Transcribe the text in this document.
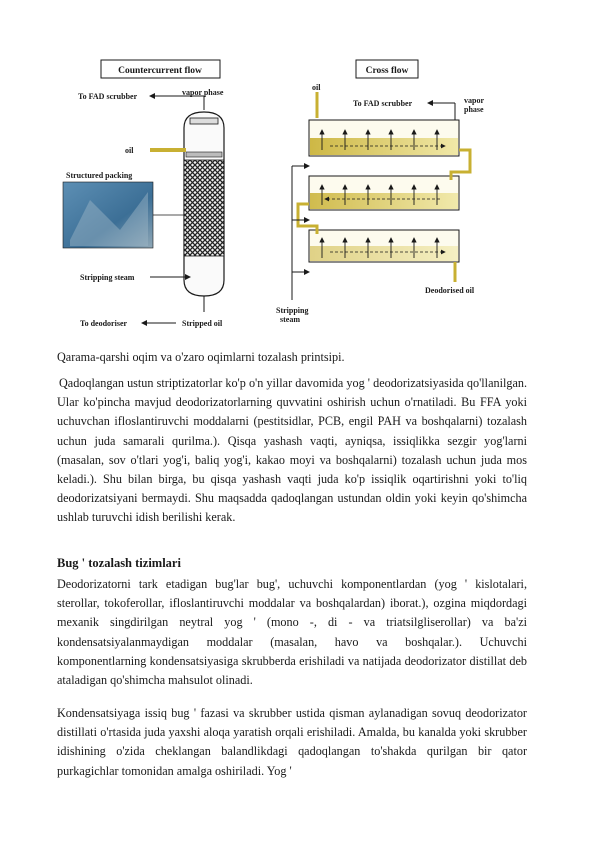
Countercurrent flow
To FAD scrubber	vapor phase
oil
Structured packing
Stripping steam
To deodoriser	Stripped oil
Cross flow
oil
To FAD scrubber	vapor
phase
Deodorised oil
Stripping
steam

Qarama-qarshi oqim va o'zaro oqimlarni tozalash printsipi.

Qadoqlangan ustun striptizatorlar ko'p o'n yillar davomida yog ' deodorizatsiyasida qo'llanilgan. Ular ko'pincha mavjud deodorizatorlarning quvvatini oshirish uchun o'rnatiladi. Bu FFA yoki uchuvchan ifloslantiruvchi moddalarni (pestitsidlar, PCB, engil PAH va boshqalarni) tozalash uchun juda samarali qurilma.). Qisqa yashash vaqti, ayniqsa, issiqlikka sezgir yog'larni (masalan, sov o'tlari yog'i, baliq yog'i, kakao moyi va boshqalarni) tozalash uchun juda mos keladi.). Shu bilan birga, bu qisqa yashash vaqti juda ko'p issiqlik oqartirishni yoki to'liq deodorizatsiyani bermaydi. Shu maqsadda qadoqlangan ustundan oldin yoki keyin qo'shimcha ushlab turuvchi idish berilishi kerak.

Bug ' tozalash tizimlari

Deodorizatorni tark etadigan bug'lar bug', uchuvchi komponentlardan (yog ' kislotalari, sterollar, tokoferollar, ifloslantiruvchi moddalar va boshqalardan) iborat.), ozgina miqdordagi mexanik singdirilgan neytral yog ' (mono -, di - va triatsilgliserollar) va ba'zi kondensatsiyalanmaydigan moddalar (masalan, havo va boshqalar.). Uchuvchi komponentlarning kondensatsiyasiga skrubberda erishiladi va natijada deodorizator distillat deb ataladigan qo'shimcha mahsulot olinadi.

Kondensatsiyaga issiq bug ' fazasi va skrubber ustida qisman aylanadigan sovuq deodorizator distillati o'rtasida juda yaxshi aloqa yaratish orqali erishiladi. Amalda, bu kanalda yoki skrubber idishining o'zida cheklangan balandlikdagi qadoqlangan to'shakda qurilgan bir qator purkagichlar tomonidan amalga oshiriladi. Yog '
